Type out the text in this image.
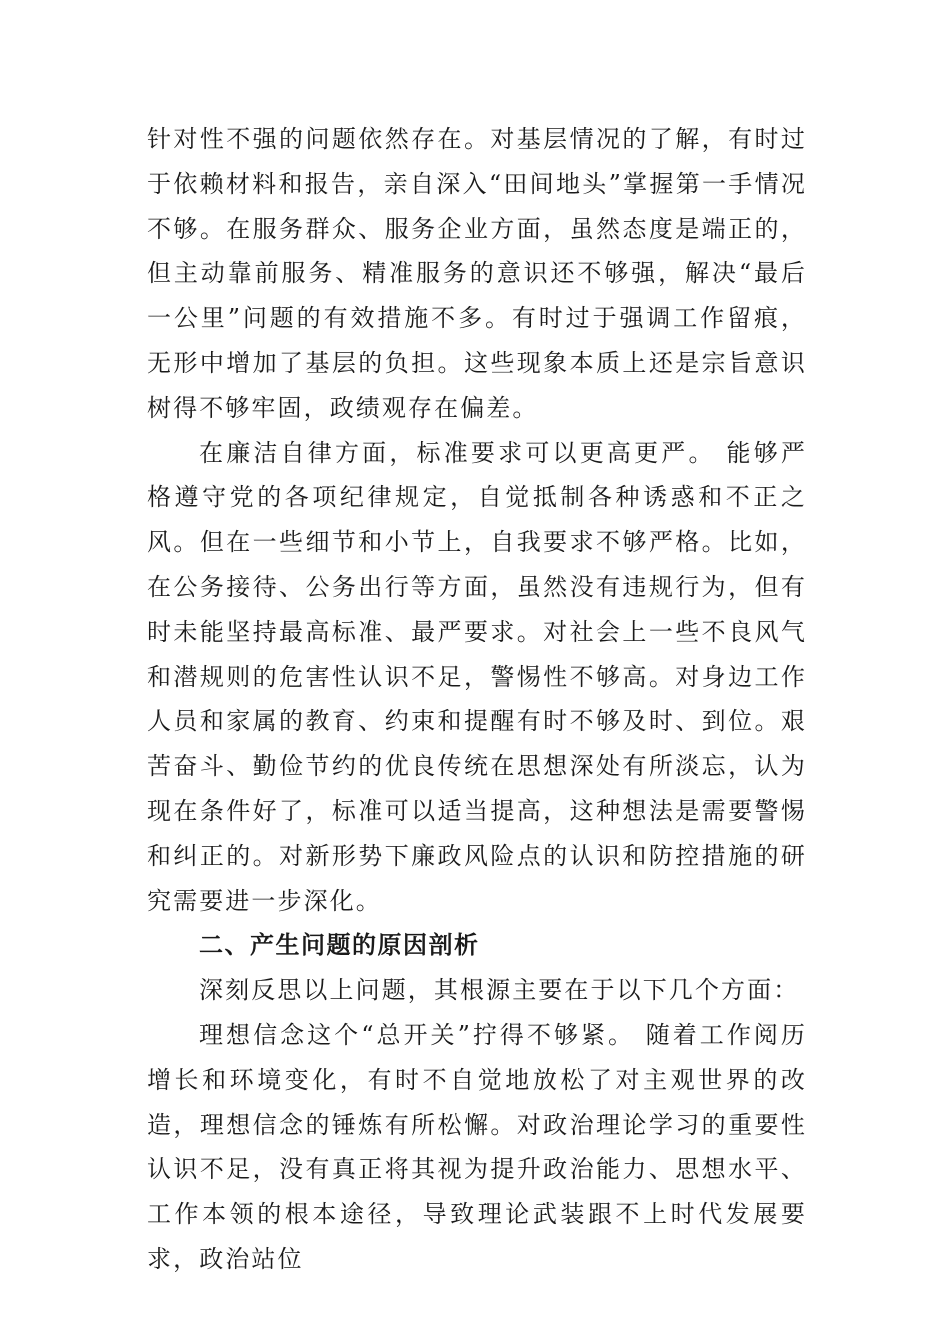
针对性不强的问题依然存在。对基层情况的了解，有时过于依赖材料和报告，亲自深入“田间地头”掌握第一手情况不够。在服务群众、服务企业方面，虽然态度是端正的，但主动靠前服务、精准服务的意识还不够强，解决“最后一公里”问题的有效措施不多。有时过于强调工作留痕，无形中增加了基层的负担。这些现象本质上还是宗旨意识树得不够牢固，政绩观存在偏差。

在廉洁自律方面，标准要求可以更高更严。 能够严格遵守党的各项纪律规定，自觉抵制各种诱惑和不正之风。但在一些细节和小节上，自我要求不够严格。比如，在公务接待、公务出行等方面，虽然没有违规行为，但有时未能坚持最高标准、最严要求。对社会上一些不良风气和潜规则的危害性认识不足，警惕性不够高。对身边工作人员和家属的教育、约束和提醒有时不够及时、到位。艰苦奋斗、勤俭节约的优良传统在思想深处有所淡忘，认为现在条件好了，标准可以适当提高，这种想法是需要警惕和纠正的。对新形势下廉政风险点的认识和防控措施的研究需要进一步深化。

二、产生问题的原因剖析

深刻反思以上问题，其根源主要在于以下几个方面：

理想信念这个“总开关”拧得不够紧。 随着工作阅历增长和环境变化，有时不自觉地放松了对主观世界的改造，理想信念的锤炼有所松懈。对政治理论学习的重要性认识不足，没有真正将其视为提升政治能力、思想水平、工作本领的根本途径，导致理论武装跟不上时代发展要求，政治站位
